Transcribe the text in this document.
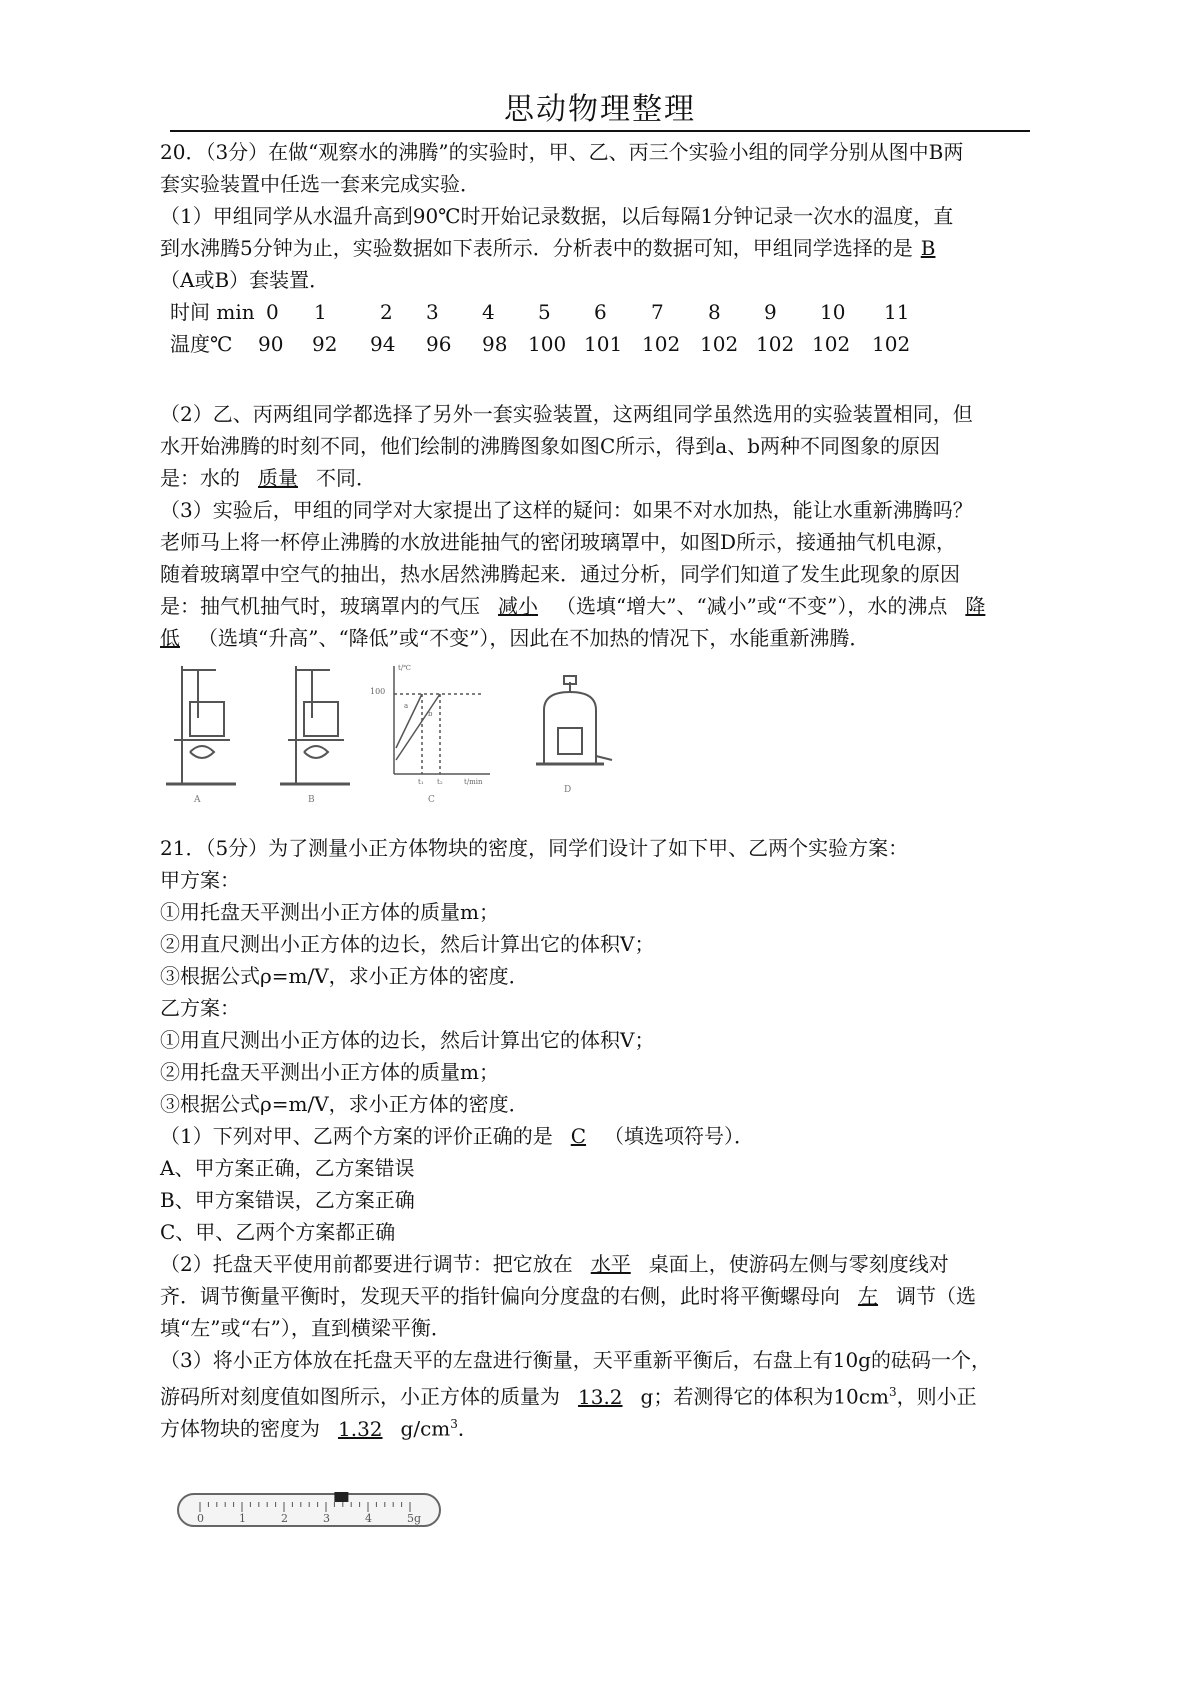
思动物理整理
20．（3分）在做“观察水的沸腾”的实验时，甲、乙、丙三个实验小组的同学分别从图中B两
套实验装置中任选一套来完成实验．
（1）甲组同学从水温升高到90℃时开始记录数据，以后每隔1分钟记录一次水的温度，直
到水沸腾5分钟为止，实验数据如下表所示．分析表中的数据可知，甲组同学选择的是 B
（A或B）套装置．
时间 min 0 1	2 3 4 5 6 7 8 9 10 11
温度℃ 90 92 94 96 98 100 101 102 102 102 102 102
（2）乙、丙两组同学都选择了另外一套实验装置，这两组同学虽然选用的实验装置相同，但
水开始沸腾的时刻不同，他们绘制的沸腾图象如图C所示，得到a、b两种不同图象的原因
是：水的 质量 不同．
（3）实验后，甲组的同学对大家提出了这样的疑问：如果不对水加热，能让水重新沸腾吗？
老师马上将一杯停止沸腾的水放进能抽气的密闭玻璃罩中，如图D所示，接通抽气机电源，
随着玻璃罩中空气的抽出，热水居然沸腾起来．通过分析，同学们知道了发生此现象的原因
是：抽气机抽气时，玻璃罩内的气压 减小 （选填“增大”、“减小”或“不变”），水的沸点 降
低 （选填“升高”、“降低”或“不变”），因此在不加热的情况下，水能重新沸腾．
A	B
100
t/℃
t/min
t₁ t₂
a
b
C
D
21．（5分）为了测量小正方体物块的密度，同学们设计了如下甲、乙两个实验方案：
甲方案：
①用托盘天平测出小正方体的质量m；
②用直尺测出小正方体的边长，然后计算出它的体积V；
③根据公式ρ=m/V，求小正方体的密度．
乙方案：
①用直尺测出小正方体的边长，然后计算出它的体积V；
②用托盘天平测出小正方体的质量m；
③根据公式ρ=m/V，求小正方体的密度．
（1）下列对甲、乙两个方案的评价正确的是 C （填选项符号）．
A、甲方案正确，乙方案错误
B、甲方案错误，乙方案正确
C、甲、乙两个方案都正确
（2）托盘天平使用前都要进行调节：把它放在 水平 桌面上，使游码左侧与零刻度线对
齐．调节衡量平衡时，发现天平的指针偏向分度盘的右侧，此时将平衡螺母向 左 调节（选
填“左”或“右”），直到横梁平衡．
（3）将小正方体放在托盘天平的左盘进行衡量，天平重新平衡后，右盘上有10g的砝码一个，
游码所对刻度值如图所示，小正方体的质量为 13.2 g；若测得它的体积为$10cm^3$，则小正
方体物块的密度为 1.32 $g/cm^3$．
0	1	2	3	4	5 g
